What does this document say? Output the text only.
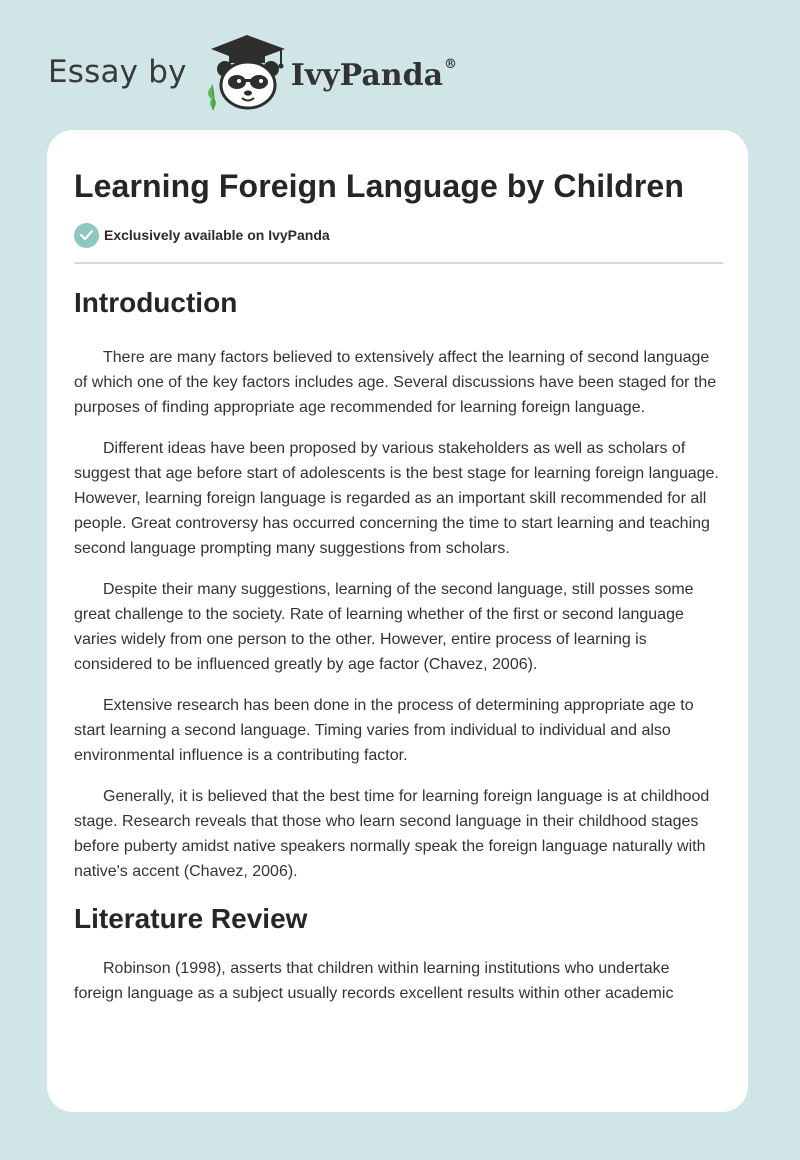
Essay by	IvyPanda®
Learning Foreign Language by Children
Exclusively available on IvyPanda
Introduction

There are many factors believed to extensively affect the learning of second language of which one of the key factors includes age. Several discussions have been staged for the purposes of finding appropriate age recommended for learning foreign language.

Different ideas have been proposed by various stakeholders as well as scholars of suggest that age before start of adolescents is the best stage for learning foreign language. However, learning foreign language is regarded as an important skill recommended for all people. Great controversy has occurred concerning the time to start learning and teaching second language prompting many suggestions from scholars.

Despite their many suggestions, learning of the second language, still posses some great challenge to the society. Rate of learning whether of the first or second language varies widely from one person to the other. However, entire process of learning is considered to be influenced greatly by age factor (Chavez, 2006).

Extensive research has been done in the process of determining appropriate age to start learning a second language. Timing varies from individual to individual and also environmental influence is a contributing factor.

Generally, it is believed that the best time for learning foreign language is at childhood stage. Research reveals that those who learn second language in their childhood stages before puberty amidst native speakers normally speak the foreign language naturally with native's accent (Chavez, 2006).

Literature Review

Robinson (1998), asserts that children within learning institutions who undertake foreign language as a subject usually records excellent results within other academic
